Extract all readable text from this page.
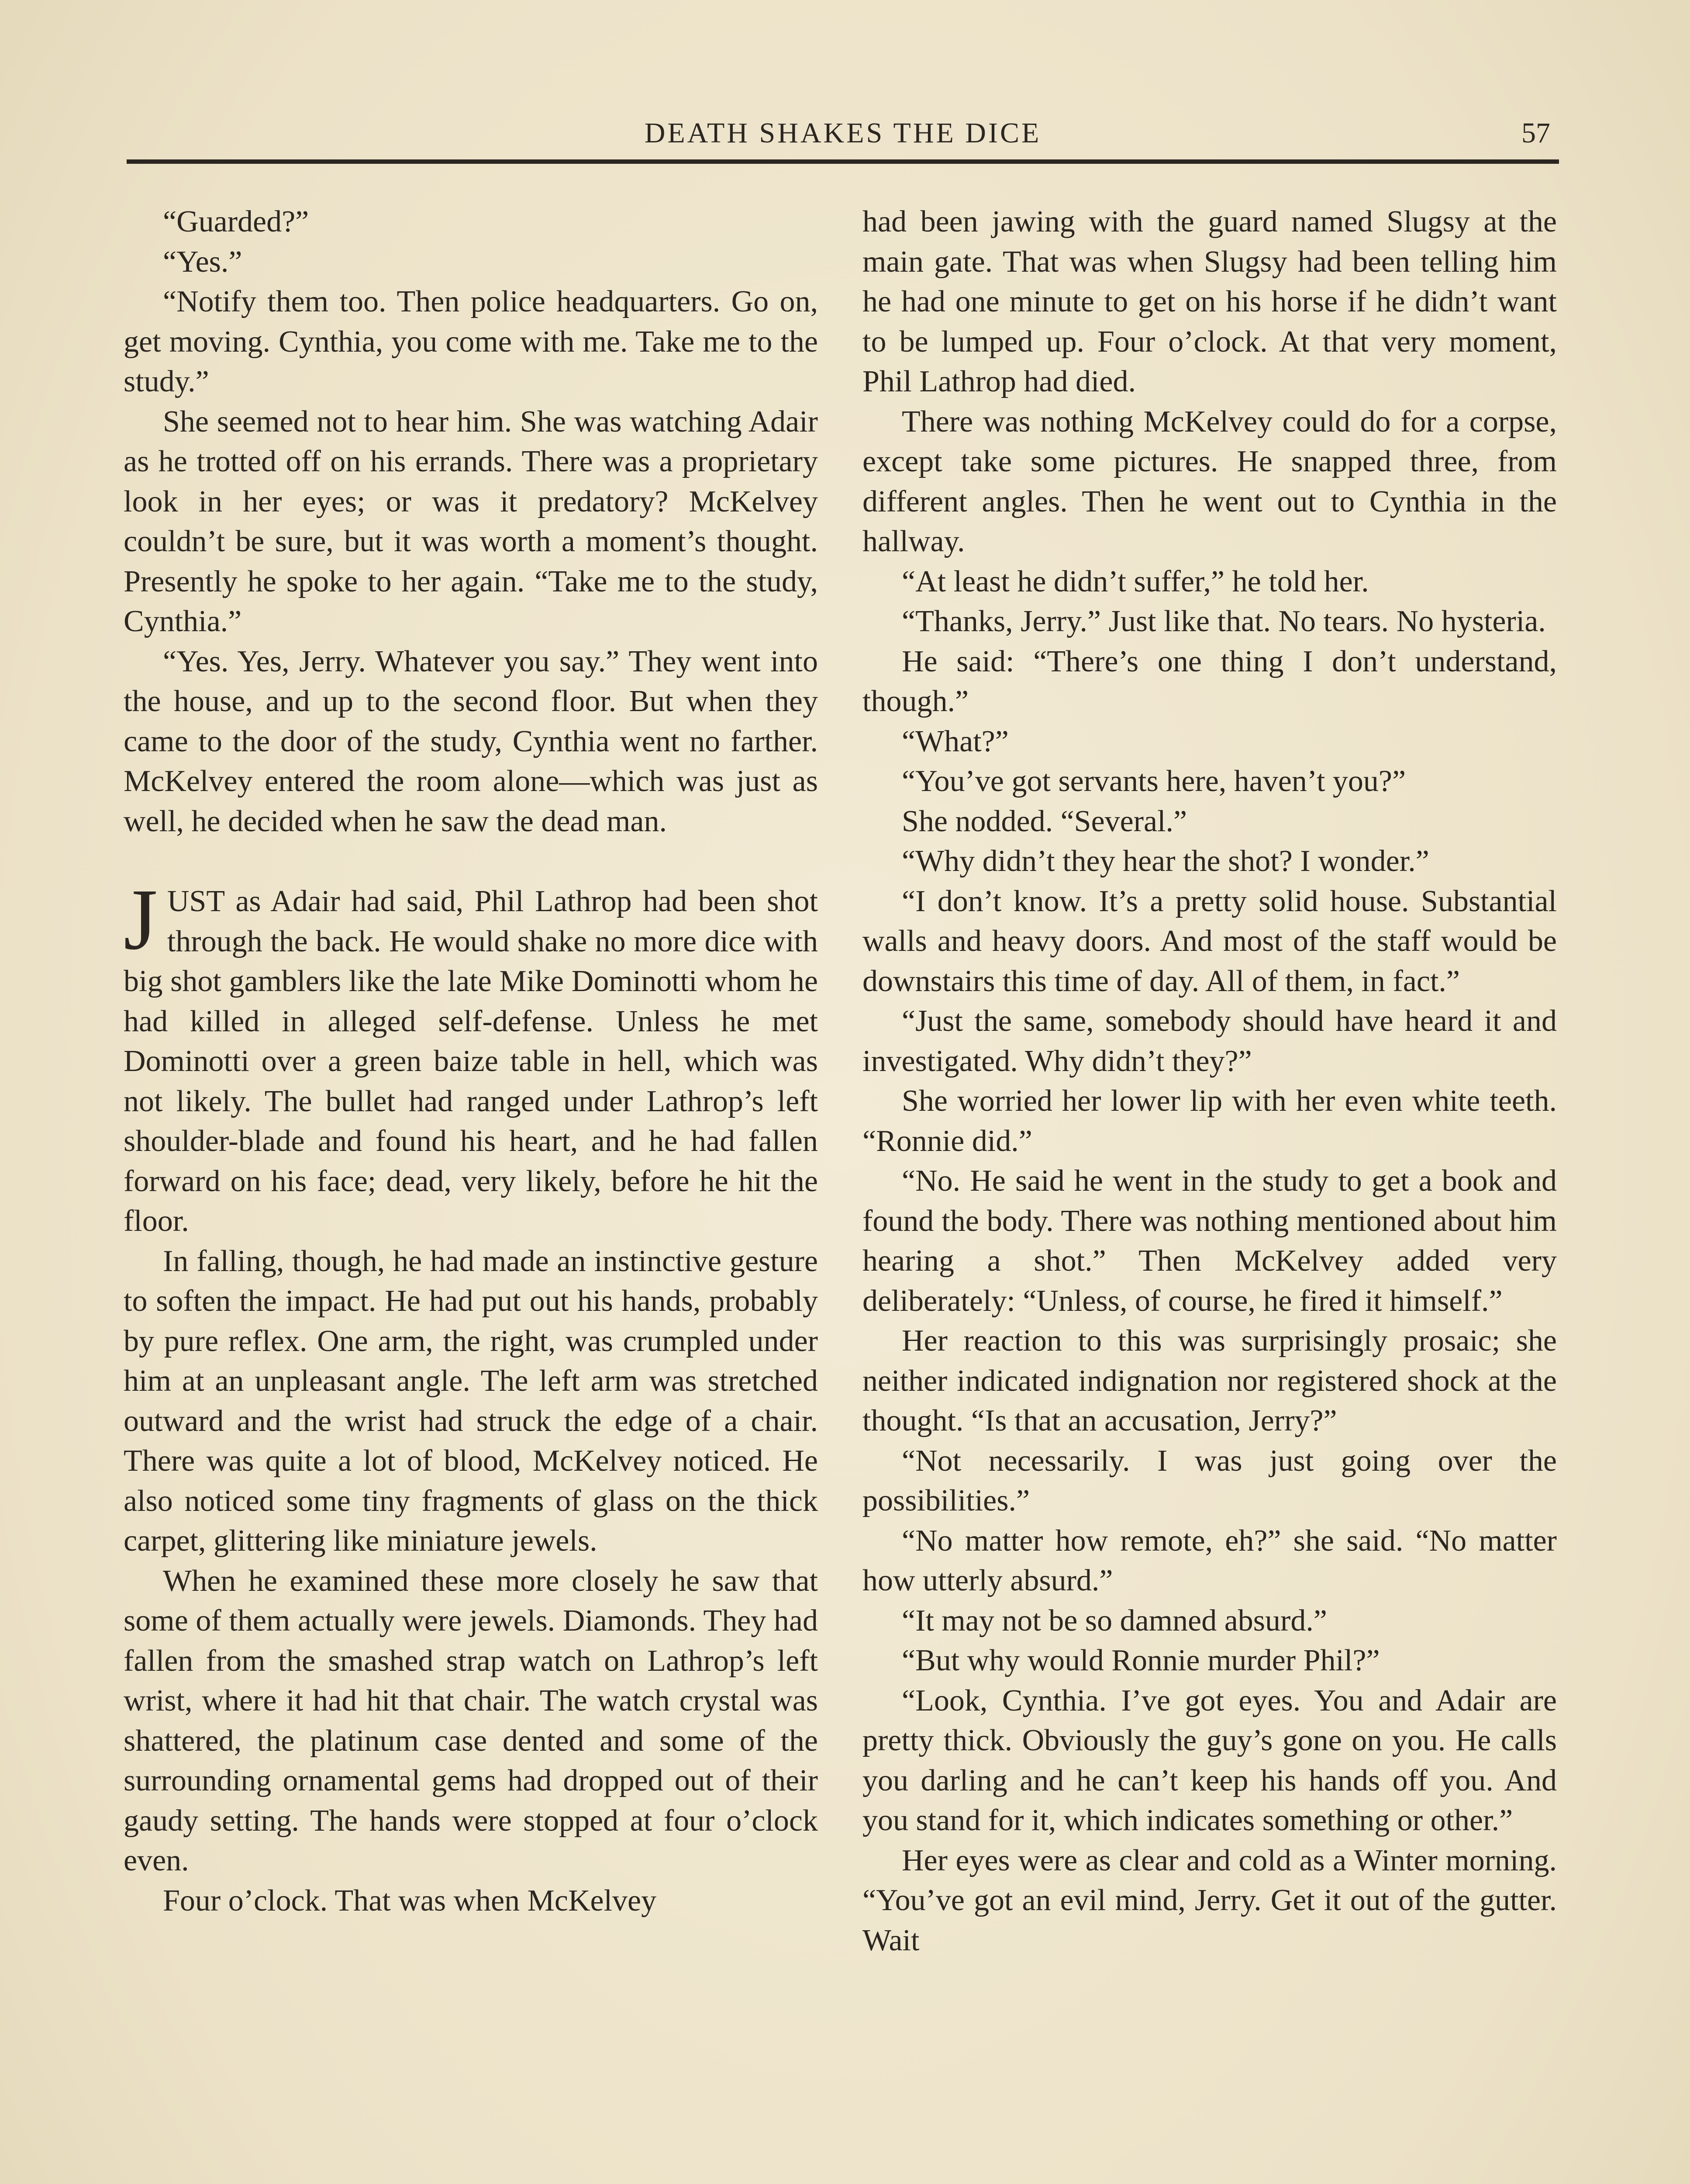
DEATH SHAKES THE DICE	57

“Guarded?”

“Yes.”

“Notify them too. Then police headquarters. Go on, get moving. Cynthia, you come with me. Take me to the study.”

She seemed not to hear him. She was watching Adair as he trotted off on his errands. There was a proprietary look in her eyes; or was it predatory? McKelvey couldn’t be sure, but it was worth a moment’s thought. Presently he spoke to her again. “Take me to the study, Cynthia.”

“Yes. Yes, Jerry. Whatever you say.” They went into the house, and up to the second floor. But when they came to the door of the study, Cynthia went no farther. McKelvey entered the room alone—which was just as well, he decided when he saw the dead man.

JUST as Adair had said, Phil Lathrop had been shot through the back. He would shake no more dice with big shot gamblers like the late Mike Dominotti whom he had killed in alleged self-defense. Unless he met Dominotti over a green baize table in hell, which was not likely. The bullet had ranged under Lathrop’s left shoulder-blade and found his heart, and he had fallen forward on his face; dead, very likely, before he hit the floor.

In falling, though, he had made an instinctive gesture to soften the impact. He had put out his hands, probably by pure reflex. One arm, the right, was crumpled under him at an unpleasant angle. The left arm was stretched outward and the wrist had struck the edge of a chair. There was quite a lot of blood, McKelvey noticed. He also noticed some tiny fragments of glass on the thick carpet, glittering like miniature jewels.

When he examined these more closely he saw that some of them actually were jewels. Diamonds. They had fallen from the smashed strap watch on Lathrop’s left wrist, where it had hit that chair. The watch crystal was shattered, the platinum case dented and some of the surrounding ornamental gems had dropped out of their gaudy setting. The hands were stopped at four o’clock even.

Four o’clock. That was when McKelvey

had been jawing with the guard named Slugsy at the main gate. That was when Slugsy had been telling him he had one minute to get on his horse if he didn’t want to be lumped up. Four o’clock. At that very moment, Phil Lathrop had died.

There was nothing McKelvey could do for a corpse, except take some pictures. He snapped three, from different angles. Then he went out to Cynthia in the hallway.

“At least he didn’t suffer,” he told her.

“Thanks, Jerry.” Just like that. No tears. No hysteria.

He said: “There’s one thing I don’t understand, though.”

“What?”

“You’ve got servants here, haven’t you?”

She nodded. “Several.”

“Why didn’t they hear the shot? I wonder.”

“I don’t know. It’s a pretty solid house. Substantial walls and heavy doors. And most of the staff would be downstairs this time of day. All of them, in fact.”

“Just the same, somebody should have heard it and investigated. Why didn’t they?”

She worried her lower lip with her even white teeth. “Ronnie did.”

“No. He said he went in the study to get a book and found the body. There was nothing mentioned about him hearing a shot.” Then McKelvey added very deliberately: “Unless, of course, he fired it himself.”

Her reaction to this was surprisingly prosaic; she neither indicated indignation nor registered shock at the thought. “Is that an accusation, Jerry?”

“Not necessarily. I was just going over the possibilities.”

“No matter how remote, eh?” she said. “No matter how utterly absurd.”

“It may not be so damned absurd.”

“But why would Ronnie murder Phil?”

“Look, Cynthia. I’ve got eyes. You and Adair are pretty thick. Obviously the guy’s gone on you. He calls you darling and he can’t keep his hands off you. And you stand for it, which indicates something or other.”

Her eyes were as clear and cold as a Winter morning. “You’ve got an evil mind, Jerry. Get it out of the gutter. Wait
